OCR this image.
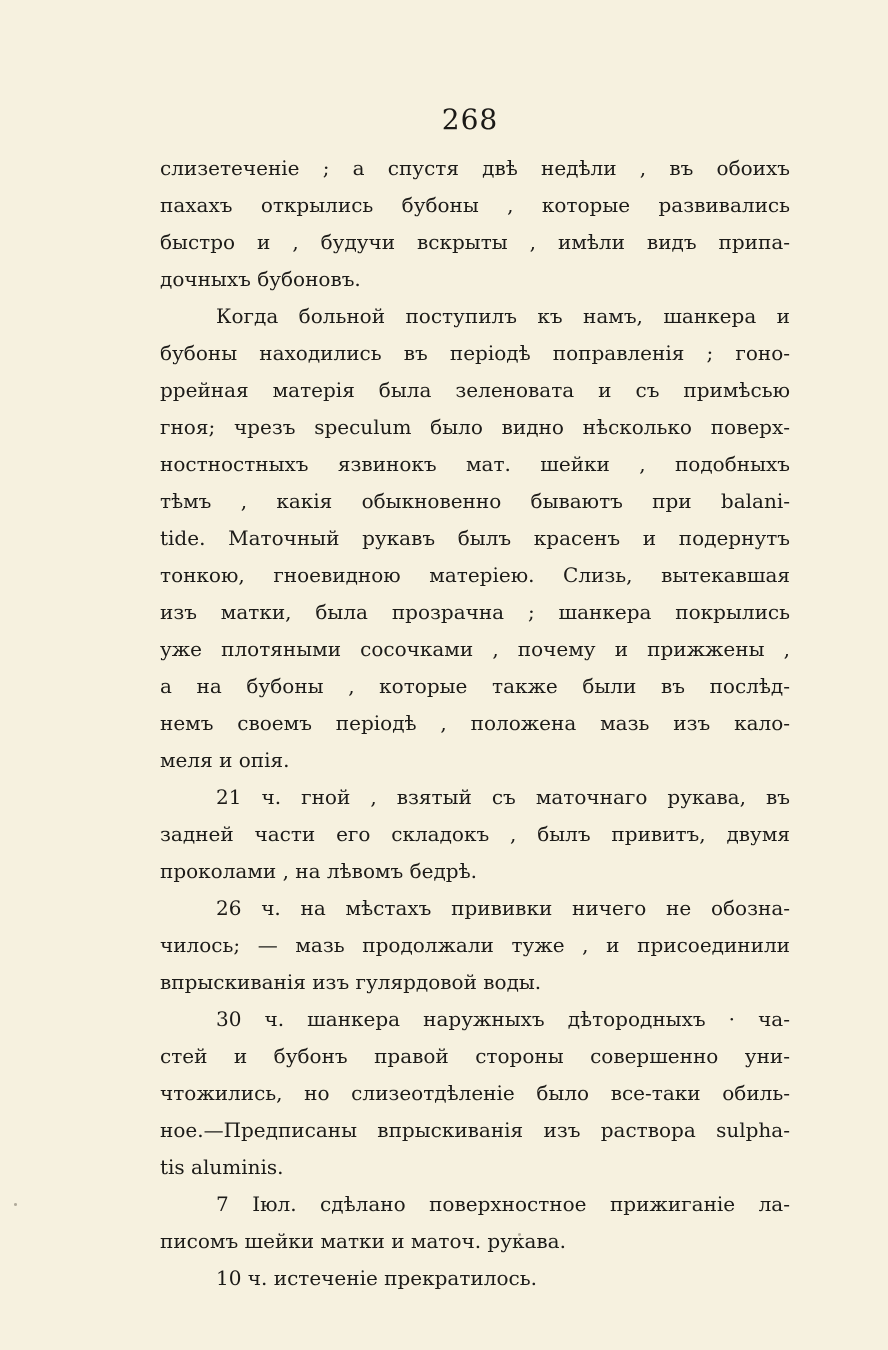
268
слизетеченіе ; а спустя двѣ недѣли , въ обоихъ
пахахъ открылись бубоны , которые развивались
быстро и , будучи вскрыты , имѣли видъ припа-
дочныхъ бубоновъ.
Когда больной поступилъ къ намъ, шанкера и
бубоны находились въ періодѣ поправленія ; гоно-
ррейная матерія была зеленовата и съ примѣсью
гноя; чрезъ speculum было видно нѣсколько поверх-
ностностныхъ язвинокъ мат. шейки , подобныхъ
тѣмъ , какія обыкновенно бываютъ при balani-
tide. Маточный рукавъ былъ красенъ и подернутъ
тонкою, гноевидною матеріею. Слизь, вытекавшая
изъ матки, была прозрачна ; шанкера покрылись
уже плотяными сосочками , почему и прижжены ,
а на бубоны , которые также были въ послѣд-
немъ своемъ періодѣ , положена мазь изъ кало-
меля и опія.
21 ч. гной , взятый съ маточнаго рукава, въ
задней части его складокъ , былъ привитъ, двумя
проколами , на лѣвомъ бедрѣ.
26 ч. на мѣстахъ прививки ничего не обозна-
чилось; — мазь продолжали туже , и присоединили
впрыскиванія изъ гулярдовой воды.
30 ч. шанкера наружныхъ дѣтородныхъ · ча-
стей и бубонъ правой стороны совершенно уни-
чтожились, но слизеотдѣленіе было все-таки обиль-
ное.—Предписаны впрыскиванія изъ раствора sulpha-
tis aluminis.
7 Іюл. сдѣлано поверхностное прижиганіе ла-
писомъ шейки матки и маточ. рукава.
10 ч. истеченіе прекратилось.
